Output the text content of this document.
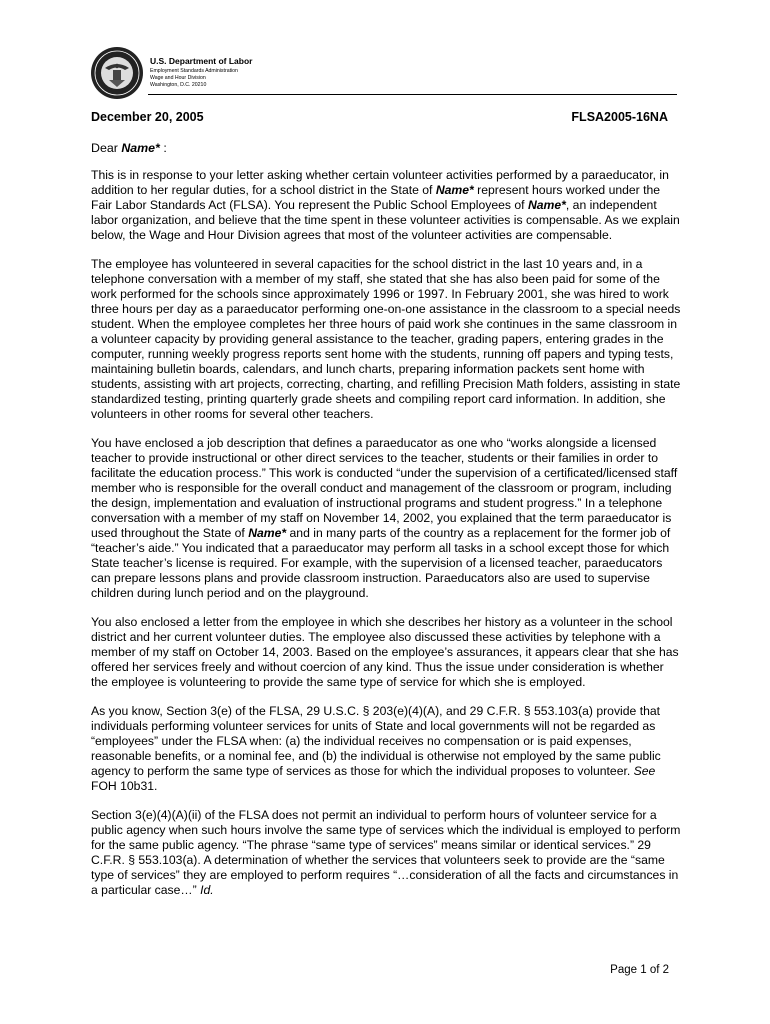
U.S. Department of Labor
Employment Standards Administration
Wage and Hour Division
Washington, D.C. 20210
December 20, 2005	FLSA2005-16NA
Dear Name* :

This is in response to your letter asking whether certain volunteer activities performed by a paraeducator, in addition to her regular duties, for a school district in the State of Name* represent hours worked under the Fair Labor Standards Act (FLSA). You represent the Public School Employees of Name*, an independent labor organization, and believe that the time spent in these volunteer activities is compensable. As we explain below, the Wage and Hour Division agrees that most of the volunteer activities are compensable.

The employee has volunteered in several capacities for the school district in the last 10 years and, in a telephone conversation with a member of my staff, she stated that she has also been paid for some of the work performed for the schools since approximately 1996 or 1997. In February 2001, she was hired to work three hours per day as a paraeducator performing one-on-one assistance in the classroom to a special needs student. When the employee completes her three hours of paid work she continues in the same classroom in a volunteer capacity by providing general assistance to the teacher, grading papers, entering grades in the computer, running weekly progress reports sent home with the students, running off papers and typing tests, maintaining bulletin boards, calendars, and lunch charts, preparing information packets sent home with students, assisting with art projects, correcting, charting, and refilling Precision Math folders, assisting in state standardized testing, printing quarterly grade sheets and compiling report card information. In addition, she volunteers in other rooms for several other teachers.

You have enclosed a job description that defines a paraeducator as one who “works alongside a licensed teacher to provide instructional or other direct services to the teacher, students or their families in order to facilitate the education process.” This work is conducted “under the supervision of a certificated/licensed staff member who is responsible for the overall conduct and management of the classroom or program, including the design, implementation and evaluation of instructional programs and student progress.” In a telephone conversation with a member of my staff on November 14, 2002, you explained that the term paraeducator is used throughout the State of Name* and in many parts of the country as a replacement for the former job of “teacher’s aide.” You indicated that a paraeducator may perform all tasks in a school except those for which State teacher’s license is required. For example, with the supervision of a licensed teacher, paraeducators can prepare lessons plans and provide classroom instruction. Paraeducators also are used to supervise children during lunch period and on the playground.

You also enclosed a letter from the employee in which she describes her history as a volunteer in the school district and her current volunteer duties. The employee also discussed these activities by telephone with a member of my staff on October 14, 2003. Based on the employee’s assurances, it appears clear that she has offered her services freely and without coercion of any kind. Thus the issue under consideration is whether the employee is volunteering to provide the same type of service for which she is employed.

As you know, Section 3(e) of the FLSA, 29 U.S.C. § 203(e)(4)(A), and 29 C.F.R. § 553.103(a) provide that individuals performing volunteer services for units of State and local governments will not be regarded as “employees” under the FLSA when: (a) the individual receives no compensation or is paid expenses, reasonable benefits, or a nominal fee, and (b) the individual is otherwise not employed by the same public agency to perform the same type of services as those for which the individual proposes to volunteer. See FOH 10b31.

Section 3(e)(4)(A)(ii) of the FLSA does not permit an individual to perform hours of volunteer service for a public agency when such hours involve the same type of services which the individual is employed to perform for the same public agency. “The phrase “same type of services” means similar or identical services.” 29 C.F.R. § 553.103(a). A determination of whether the services that volunteers seek to provide are the “same type of services” they are employed to perform requires “…consideration of all the facts and circumstances in a particular case…” Id.

Page 1 of 2
